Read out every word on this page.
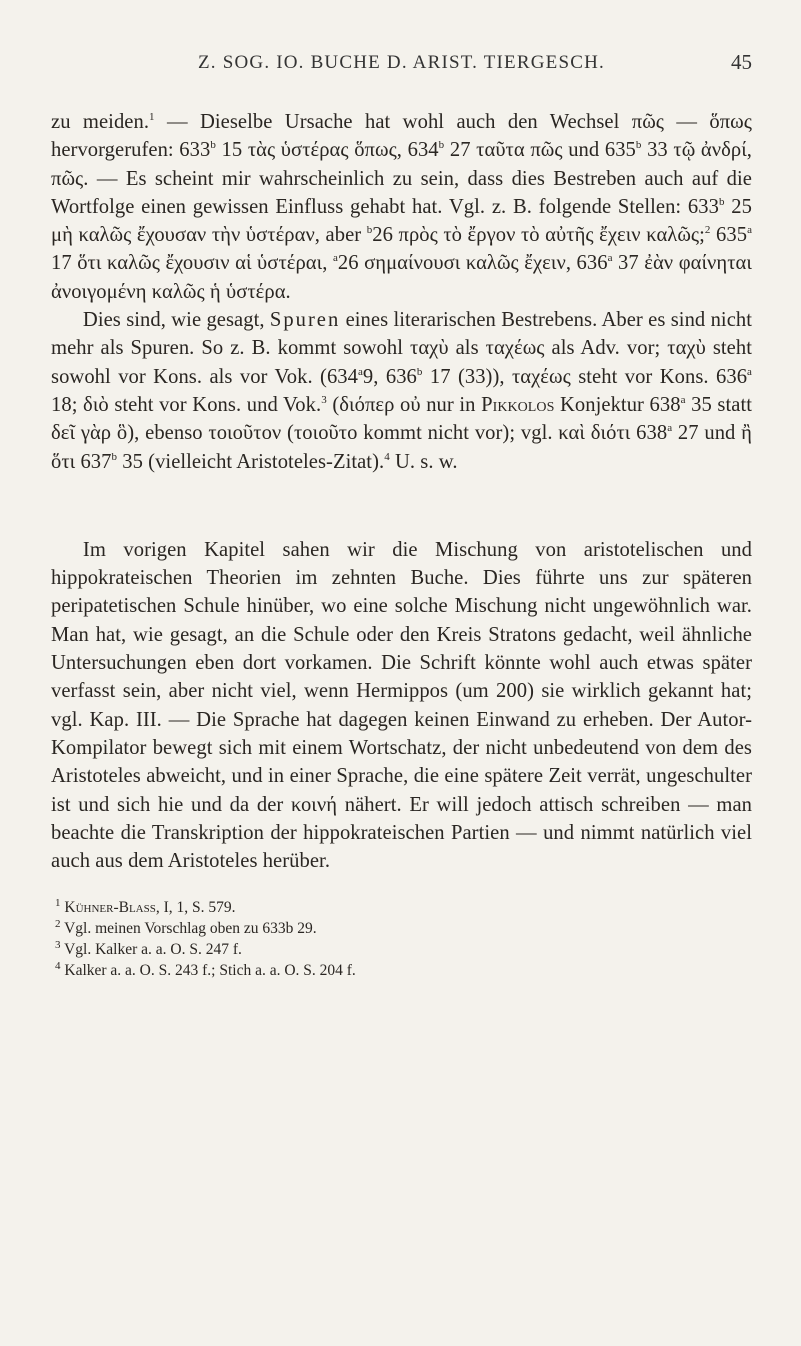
Z. SOG. IO. BUCHE D. ARIST. TIERGESCH.	45

zu meiden.$^1$ — Dieselbe Ursache hat wohl auch den Wechsel πῶς — ὅπως hervorgerufen: 633$^b$ 15 τὰς ὑστέρας ὅπως, 634$^b$ 27 ταῦτα πῶς und 635$^b$ 33 τῷ ἀνδρί, πῶς. — Es scheint mir wahrscheinlich zu sein, dass dies Bestreben auch auf die Wortfolge einen gewissen Einfluss gehabt hat. Vgl. z. B. folgende Stellen: 633$^b$ 25 μὴ καλῶς ἔχουσαν τὴν ὑστέραν, aber $^b$26 πρὸς τὸ ἔργον τὸ αὐτῆς ἔχειν καλῶς;$^2$ 635$^a$ 17 ὅτι καλῶς ἔχουσιν αἱ ὑστέραι, $^a$26 σημαίνουσι καλῶς ἔχειν, 636$^a$ 37 ἐὰν φαίνηται ἀνοιγομένη καλῶς ἡ ὑστέρα.

Dies sind, wie gesagt, Spuren eines literarischen Bestrebens. Aber es sind nicht mehr als Spuren. So z. B. kommt sowohl ταχὺ als ταχέως als Adv. vor; ταχὺ steht sowohl vor Kons. als vor Vok. (634$^a$9, 636$^b$ 17 (33)), ταχέως steht vor Kons. 636$^a$ 18; διὸ steht vor Kons. und Vok.$^3$ (διόπερ οὐ nur in Pikkolos Konjektur 638$^a$ 35 statt δεῖ γὰρ ὃ), ebenso τοιοῦτον (τοιοῦτο kommt nicht vor); vgl. καὶ διότι 638$^a$ 27 und ἢ ὅτι 637$^b$ 35 (vielleicht Aristoteles-Zitat).$^4$ U. s. w.

Im vorigen Kapitel sahen wir die Mischung von aristotelischen und hippokrateischen Theorien im zehnten Buche. Dies führte uns zur späteren peripatetischen Schule hinüber, wo eine solche Mischung nicht ungewöhnlich war. Man hat, wie gesagt, an die Schule oder den Kreis Stratons gedacht, weil ähnliche Untersuchungen eben dort vorkamen. Die Schrift könnte wohl auch etwas später verfasst sein, aber nicht viel, wenn Hermippos (um 200) sie wirklich gekannt hat; vgl. Kap. III. — Die Sprache hat dagegen keinen Einwand zu erheben. Der Autor-Kompilator bewegt sich mit einem Wortschatz, der nicht unbedeutend von dem des Aristoteles abweicht, und in einer Sprache, die eine spätere Zeit verrät, ungeschulter ist und sich hie und da der κοινή nähert. Er will jedoch attisch schreiben — man beachte die Transkription der hippokrateischen Partien — und nimmt natürlich viel auch aus dem Aristoteles herüber.

$^1$ Kühner-Blass, I, 1, S. 579.

$^2$ Vgl. meinen Vorschlag oben zu 633b 29.

$^3$ Vgl. Kalker a. a. O. S. 247 f.

$^4$ Kalker a. a. O. S. 243 f.; Stich a. a. O. S. 204 f.
